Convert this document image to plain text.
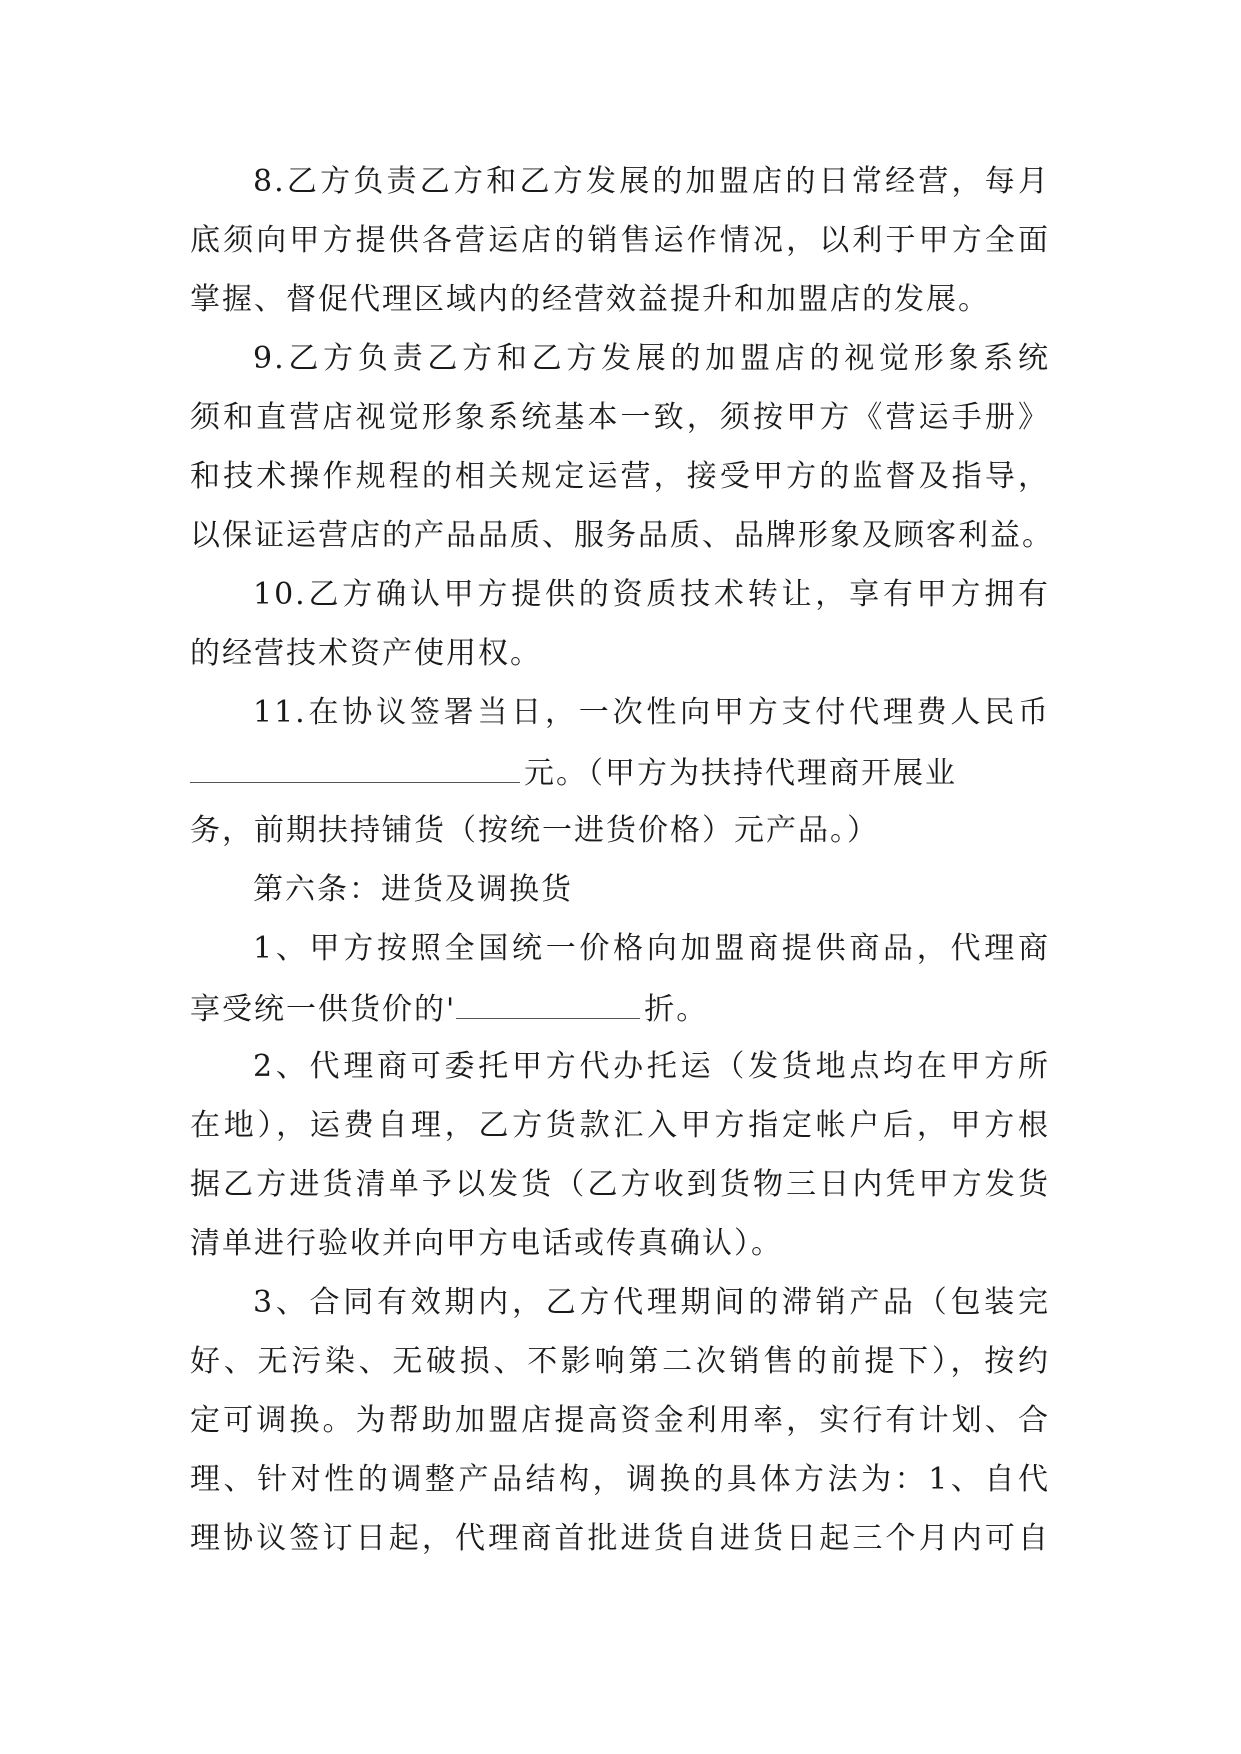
8.乙方负责乙方和乙方发展的加盟店的日常经营，每月
底须向甲方提供各营运店的销售运作情况，以利于甲方全面
掌握、督促代理区域内的经营效益提升和加盟店的发展。
9.乙方负责乙方和乙方发展的加盟店的视觉形象系统
须和直营店视觉形象系统基本一致，须按甲方《营运手册》
和技术操作规程的相关规定运营，接受甲方的监督及指导，
以保证运营店的产品品质、服务品质、品牌形象及顾客利益。
10.乙方确认甲方提供的资质技术转让，享有甲方拥有
的经营技术资产使用权。
11.在协议签署当日，一次性向甲方支付代理费人民币
元。（甲方为扶持代理商开展业
务，前期扶持铺货（按统一进货价格）元产品。）
第六条：进货及调换货
1、甲方按照全国统一价格向加盟商提供商品，代理商
享受统一供货价的'	折。
2、代理商可委托甲方代办托运（发货地点均在甲方所
在地），运费自理，乙方货款汇入甲方指定帐户后，甲方根
据乙方进货清单予以发货（乙方收到货物三日内凭甲方发货
清单进行验收并向甲方电话或传真确认）。
3、合同有效期内，乙方代理期间的滞销产品（包装完
好、无污染、无破损、不影响第二次销售的前提下），按约
定可调换。为帮助加盟店提高资金利用率，实行有计划、合
理、针对性的调整产品结构，调换的具体方法为：1、自代
理协议签订日起，代理商首批进货自进货日起三个月内可自
